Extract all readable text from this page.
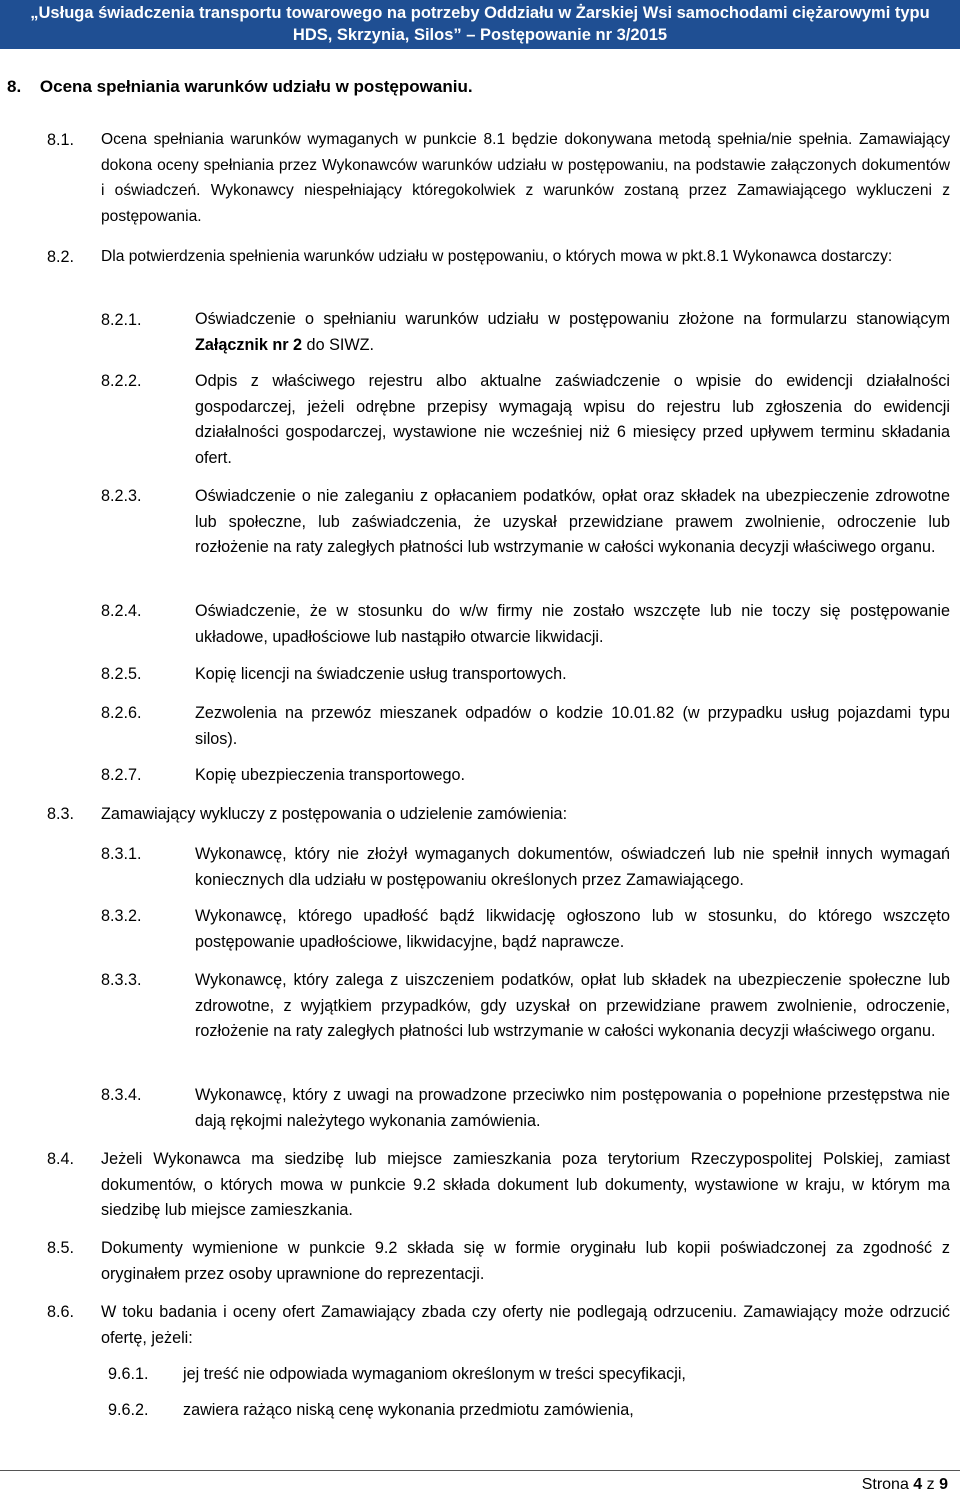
„Usługa świadczenia transportu towarowego na potrzeby Oddziału w Żarskiej Wsi samochodami ciężarowymi typu
HDS, Skrzynia, Silos” – Postępowanie nr 3/2015
8. Ocena spełniania warunków udziału w postępowaniu.
8.1. Ocena spełniania warunków wymaganych w punkcie 8.1 będzie dokonywana metodą spełnia/nie spełnia. Zamawiający dokona oceny spełniania przez Wykonawców warunków udziału w postępowaniu, na podstawie załączonych dokumentów i oświadczeń. Wykonawcy niespełniający któregokolwiek z warunków zostaną przez Zamawiającego wykluczeni z postępowania.
8.2. Dla potwierdzenia spełnienia warunków udziału w postępowaniu, o których mowa w pkt.8.1 Wykonawca dostarczy:
8.2.1.	Oświadczenie o spełnianiu warunków udziału w postępowaniu złożone na formularzu stanowiącym Załącznik nr 2 do SIWZ.
8.2.2.	Odpis z właściwego rejestru albo aktualne zaświadczenie o wpisie do ewidencji działalności gospodarczej, jeżeli odrębne przepisy wymagają wpisu do rejestru lub zgłoszenia do ewidencji działalności gospodarczej, wystawione nie wcześniej niż 6 miesięcy przed upływem terminu składania ofert.
8.2.3.	Oświadczenie o nie zaleganiu z opłacaniem podatków, opłat oraz składek na ubezpieczenie zdrowotne lub społeczne, lub zaświadczenia, że uzyskał przewidziane prawem zwolnienie, odroczenie lub rozłożenie na raty zaległych płatności lub wstrzymanie w całości wykonania decyzji właściwego organu.
8.2.4.	Oświadczenie, że w stosunku do w/w firmy nie zostało wszczęte lub nie toczy się postępowanie układowe, upadłościowe lub nastąpiło otwarcie likwidacji.
8.2.5.	Kopię licencji na świadczenie usług transportowych.
8.2.6.	Zezwolenia na przewóz mieszanek odpadów o kodzie 10.01.82 (w przypadku usług pojazdami typu silos).
8.2.7.	Kopię ubezpieczenia transportowego.
8.3. Zamawiający wykluczy z postępowania o udzielenie zamówienia:
8.3.1.	Wykonawcę, który nie złożył wymaganych dokumentów, oświadczeń lub nie spełnił innych wymagań koniecznych dla udziału w postępowaniu określonych przez Zamawiającego.
8.3.2.	Wykonawcę, którego upadłość bądź likwidację ogłoszono lub w stosunku, do którego wszczęto postępowanie upadłościowe, likwidacyjne, bądź naprawcze.
8.3.3.	Wykonawcę, który zalega z uiszczeniem podatków, opłat lub składek na ubezpieczenie społeczne lub zdrowotne, z wyjątkiem przypadków, gdy uzyskał on przewidziane prawem zwolnienie, odroczenie, rozłożenie na raty zaległych płatności lub wstrzymanie w całości wykonania decyzji właściwego organu.
8.3.4.	Wykonawcę, który z uwagi na prowadzone przeciwko nim postępowania o popełnione przestępstwa nie dają rękojmi należytego wykonania zamówienia.
8.4. Jeżeli Wykonawca ma siedzibę lub miejsce zamieszkania poza terytorium Rzeczypospolitej Polskiej, zamiast dokumentów, o których mowa w punkcie 9.2 składa dokument lub dokumenty, wystawione w kraju, w którym ma siedzibę lub miejsce zamieszkania.
8.5. Dokumenty wymienione w punkcie 9.2 składa się w formie oryginału lub kopii poświadczonej za zgodność z oryginałem przez osoby uprawnione do reprezentacji.
8.6. W toku badania i oceny ofert Zamawiający zbada czy oferty nie podlegają odrzuceniu. Zamawiający może odrzucić ofertę, jeżeli:
9.6.1. jej treść nie odpowiada wymaganiom określonym w treści specyfikacji,
9.6.2. zawiera rażąco niską cenę wykonania przedmiotu zamówienia,
Strona 4 z 9
